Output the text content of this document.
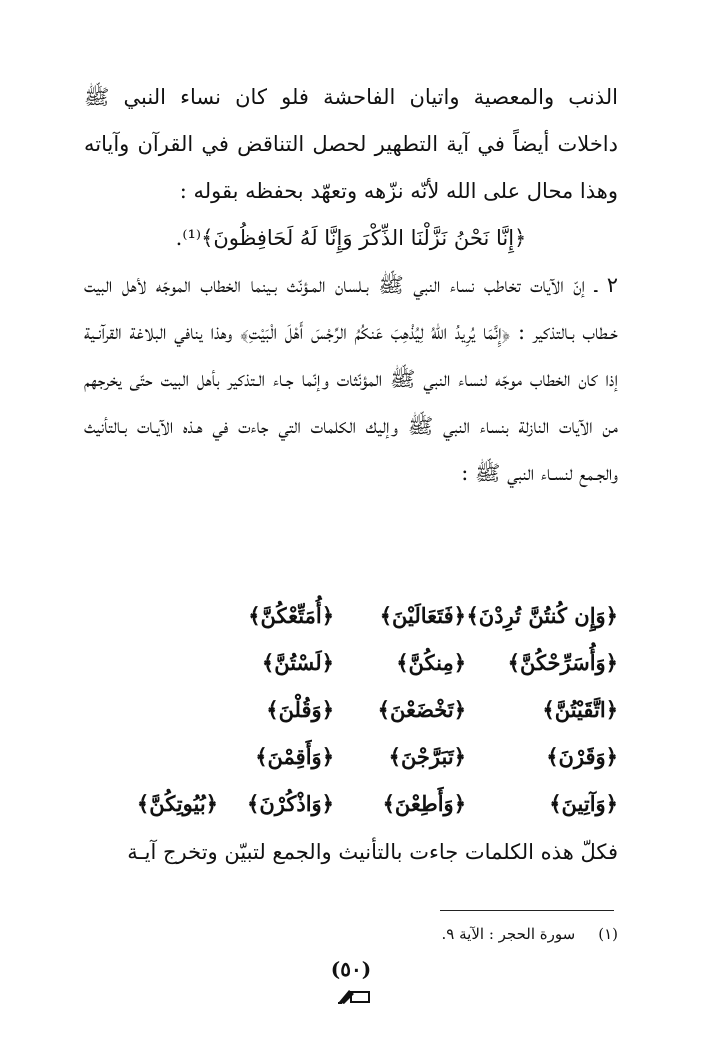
الذنب والمعصية واتيان الفاحشة فلو كان نساء النبي ﷺ داخلات أيضاً في آية التطهير لحصل التناقض في القرآن وآياته وهذا محال على الله لأنّه نزّهه وتعهّد بحفظه بقوله :

﴿إِنَّا نَحْنُ نَزَّلْنَا الذِّكْرَ وَإِنَّا لَهُ لَحَافِظُونَ﴾⁽¹⁾.

٢ ـ إنّ الآيات تخاطب نساء النبي ﷺ بـلسان المـؤنّث بـينما الخطاب الموجّه لأهل البيت خـطاب بـالتذكير : ﴿إِنَّمَا يُرِيدُ اللهُ لِيُذْهِبَ عَنكُمُ الرِّجْسَ أَهْلَ الْبَيْتِ﴾ وهذا ينافي البلاغة القرآنـية إذا كان الخطاب موجّه لنساء النبي ﷺ المؤنّثات وإنّما جـاء الـتذكير بأهل البيت حتّى يخرجهم من الآيات النازلة بنساء النبي ﷺ وإليك الكلمات التي جاءت في هـذه الآيـات بـالتأنيث والجـمع لنسـاء النبي ﷺ :

﴿وَإِن كُنتُنَّ تُرِدْنَ﴾
﴿فَتَعَالَيْنَ﴾
﴿أُمَتِّعْكُنَّ﴾
﴿وَأُسَرِّحْكُنَّ﴾
﴿مِنكُنَّ﴾
﴿لَسْتُنَّ﴾
﴿اتَّقَيْتُنَّ﴾
﴿تَخْضَعْنَ﴾
﴿وَقُلْنَ﴾
﴿وَقَرْنَ﴾
﴿تَبَرَّجْنَ﴾
﴿وَأَقِمْنَ﴾
﴿وَآتِينَ﴾
﴿وَأَطِعْنَ﴾
﴿وَاذْكُرْنَ﴾
﴿بُيُوتِكُنَّ﴾
فكلّ هذه الكلمات جاءت بالتأنيث والجمع لتبيّن وتخرج آيـة
(١) سورة الحجر : الآية ٩.
(٥٠)
